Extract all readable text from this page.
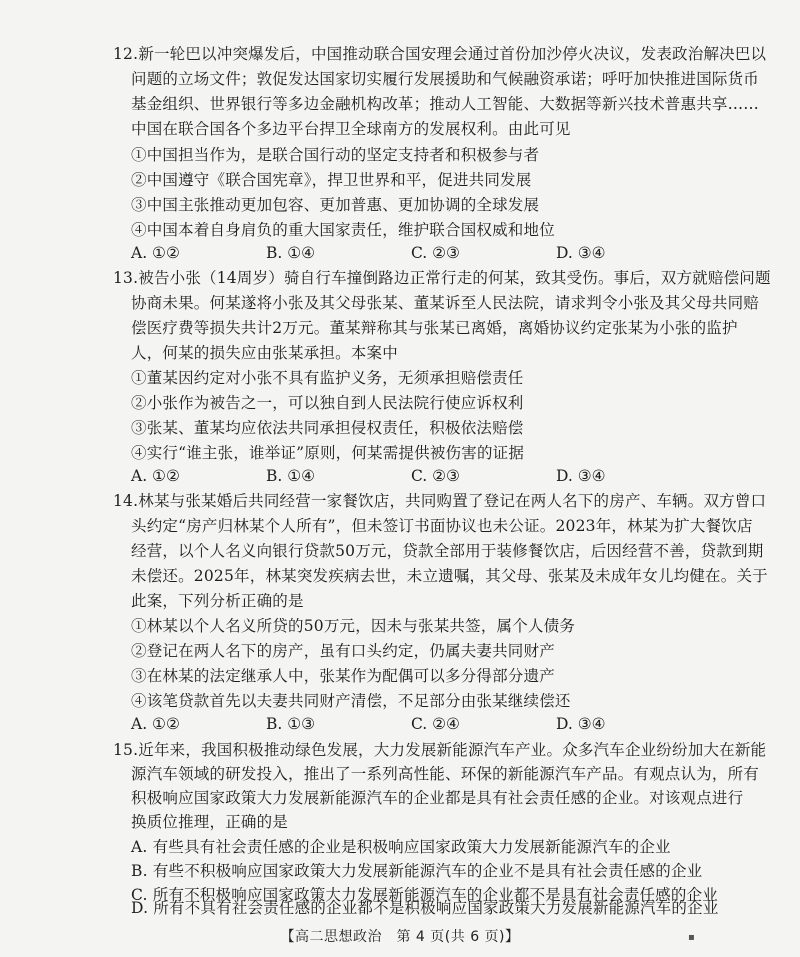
12.新一轮巴以冲突爆发后，中国推动联合国安理会通过首份加沙停火决议，发表政治解决巴以
问题的立场文件；敦促发达国家切实履行发展援助和气候融资承诺；呼吁加快推进国际货币
基金组织、世界银行等多边金融机构改革；推动人工智能、大数据等新兴技术普惠共享……
中国在联合国各个多边平台捍卫全球南方的发展权利。由此可见
①中国担当作为，是联合国行动的坚定支持者和积极参与者
②中国遵守《联合国宪章》，捍卫世界和平，促进共同发展
③中国主张推动更加包容、更加普惠、更加协调的全球发展
④中国本着自身肩负的重大国家责任，维护联合国权威和地位
A. ①②	B. ①④	C. ②③	D. ③④
13.被告小张（14周岁）骑自行车撞倒路边正常行走的何某，致其受伤。事后，双方就赔偿问题
协商未果。何某遂将小张及其父母张某、董某诉至人民法院，请求判令小张及其父母共同赔
偿医疗费等损失共计2万元。董某辩称其与张某已离婚，离婚协议约定张某为小张的监护
人，何某的损失应由张某承担。本案中
①董某因约定对小张不具有监护义务，无须承担赔偿责任
②小张作为被告之一，可以独自到人民法院行使应诉权利
③张某、董某均应依法共同承担侵权责任，积极依法赔偿
④实行“谁主张，谁举证”原则，何某需提供被伤害的证据
A. ①②	B. ①④	C. ②③	D. ③④
14.林某与张某婚后共同经营一家餐饮店，共同购置了登记在两人名下的房产、车辆。双方曾口
头约定“房产归林某个人所有”，但未签订书面协议也未公证。2023年，林某为扩大餐饮店
经营，以个人名义向银行贷款50万元，贷款全部用于装修餐饮店，后因经营不善，贷款到期
未偿还。2025年，林某突发疾病去世，未立遗嘱，其父母、张某及未成年女儿均健在。关于
此案，下列分析正确的是
①林某以个人名义所贷的50万元，因未与张某共签，属个人债务
②登记在两人名下的房产，虽有口头约定，仍属夫妻共同财产
③在林某的法定继承人中，张某作为配偶可以多分得部分遗产
④该笔贷款首先以夫妻共同财产清偿，不足部分由张某继续偿还
A. ①②	B. ①③	C. ②④	D. ③④
15.近年来，我国积极推动绿色发展，大力发展新能源汽车产业。众多汽车企业纷纷加大在新能
源汽车领域的研发投入，推出了一系列高性能、环保的新能源汽车产品。有观点认为，所有
积极响应国家政策大力发展新能源汽车的企业都是具有社会责任感的企业。对该观点进行
换质位推理，正确的是
A. 有些具有社会责任感的企业是积极响应国家政策大力发展新能源汽车的企业
B. 有些不积极响应国家政策大力发展新能源汽车的企业不是具有社会责任感的企业
C. 所有不积极响应国家政策大力发展新能源汽车的企业都不是具有社会责任感的企业
D. 所有不具有社会责任感的企业都不是积极响应国家政策大力发展新能源汽车的企业
【高二思想政治　第 4 页(共 6 页)】	▪
